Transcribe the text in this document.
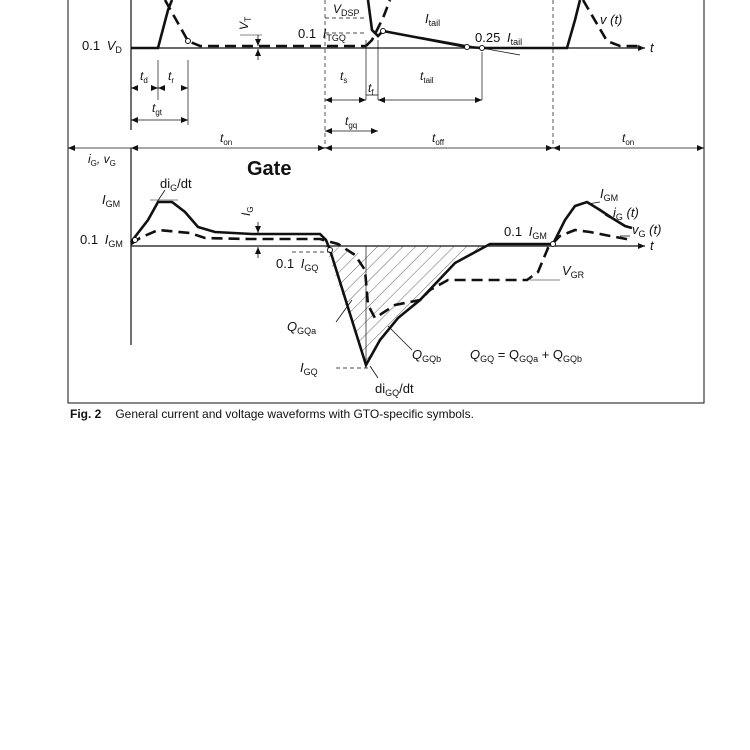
0.1 $V_D$
$V_T$
$V_{DSP}$
0.1 $I_{TGQ}$
$I_{tail}$
0.25 $I_{tail}$
v (t)
t
$t_d$ $t_r$
$t_{gt}$
$t_s$
$t_f$
$t_{tail}$
$t_{gq}$
$t_{on}$	$t_{off}$	$t_{on}$
Gate
$i_G$, $v_G$
$di_G/dt$
$I_{GM}$
$I_G$
0.1 $I_{GM}$
0.1 $I_{GQ}$
$Q_{GQa}$
$Q_{GQb}$
$I_{GQ}$
$di_{GQ}/dt$
$Q_{GQ} = Q_{GQa} + Q_{GQb}$
0.1 $I_{GM}$
$I_{GM}$
$i_G$ (t)
$v_G$ (t)
$V_{GR}$
t
Fig. 2 General current and voltage waveforms with GTO-specific symbols.
